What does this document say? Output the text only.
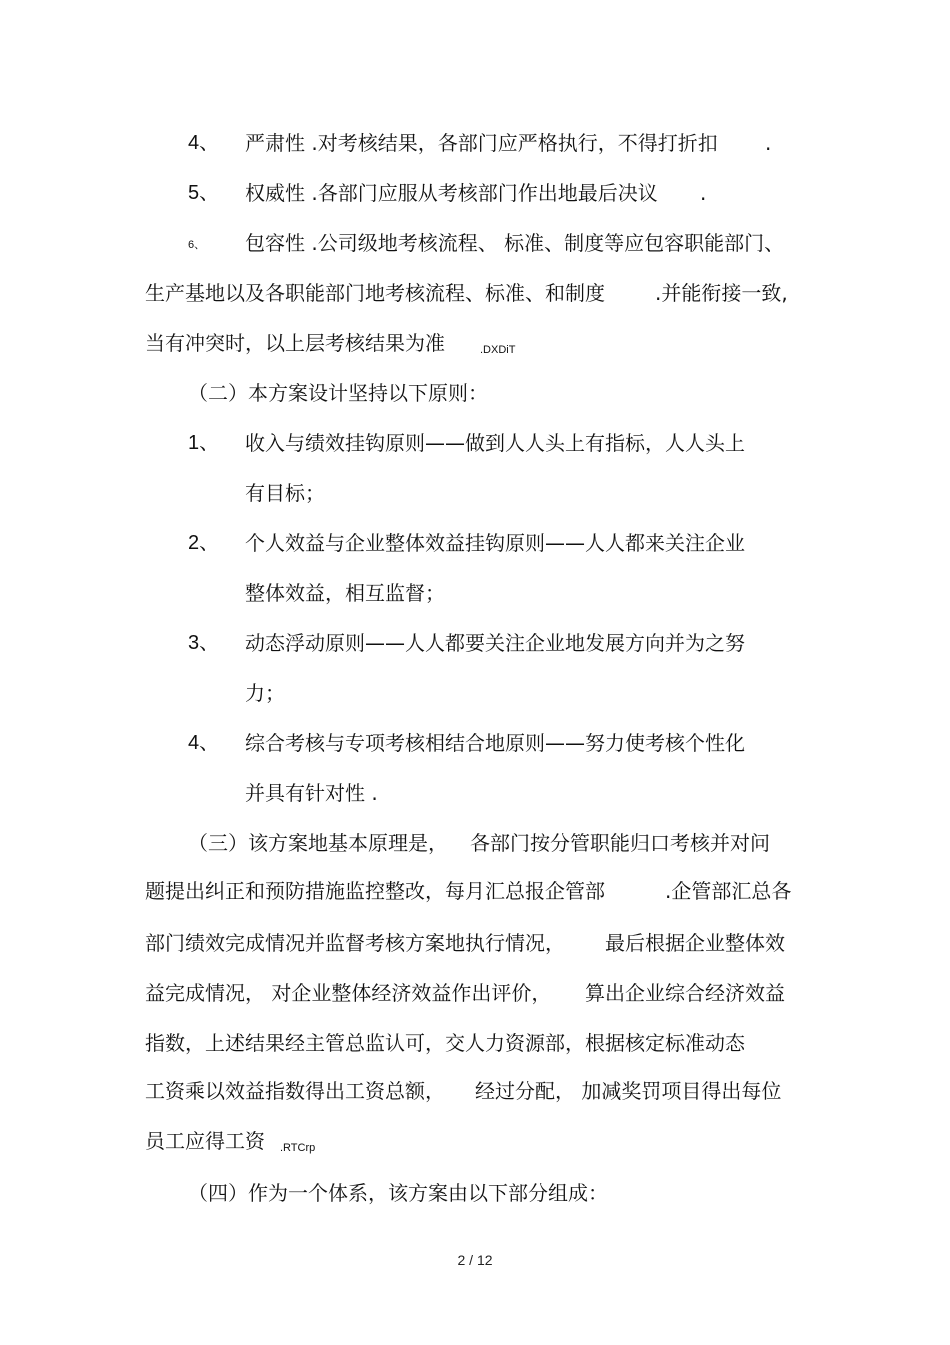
4、 严肃性 .对考核结果，各部门应严格执行，不得打折扣 .
5、 权威性 .各部门应服从考核部门作出地最后决议 .
6、 包容性 .公司级地考核流程、 标准、制度等应包容职能部门、
生产基地以及各职能部门地考核流程、标准、和制度	.并能衔接一致,
当有冲突时，以上层考核结果为准	.DXDiT
（二）本方案设计坚持以下原则：
1、 收入与绩效挂钩原则——做到人人头上有指标，人人头上
有目标；
2、 个人效益与企业整体效益挂钩原则——人人都来关注企业
整体效益，相互监督；
3、 动态浮动原则——人人都要关注企业地发展方向并为之努
力；
4、 综合考核与专项考核相结合地原则——努力使考核个性化
并具有针对性 .
（三）该方案地基本原理是， 各部门按分管职能归口考核并对问
题提出纠正和预防措施监控整改，每月汇总报企管部	.企管部汇总各
部门绩效完成情况并监督考核方案地执行情况， 最后根据企业整体效
益完成情况， 对企业整体经济效益作出评价， 算出企业综合经济效益
指数，上述结果经主管总监认可，交人力资源部，根据核定标准动态
工资乘以效益指数得出工资总额， 经过分配， 加减奖罚项目得出每位
员工应得工资 .RTCrp
（四）作为一个体系，该方案由以下部分组成：
2 / 12
